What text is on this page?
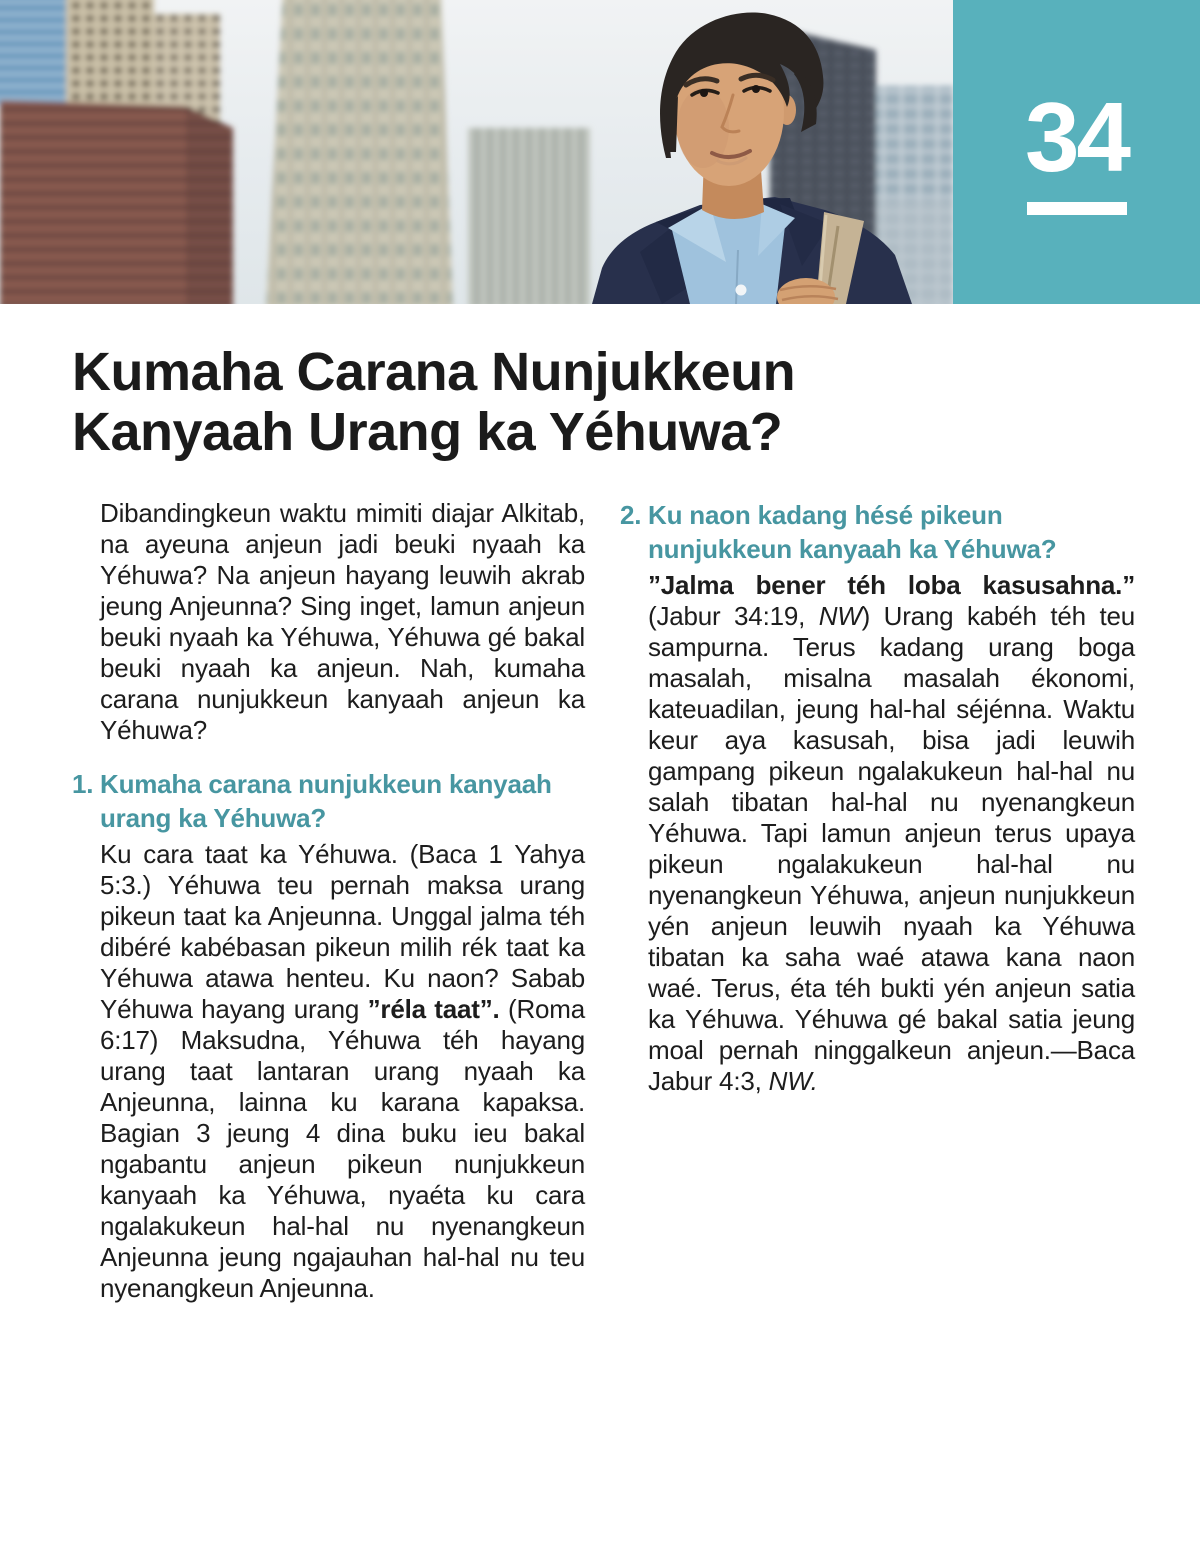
34
Kumaha Carana Nunjukkeun
Kanyaah Urang ka Yéhuwa?

Dibandingkeun waktu mimiti diajar Alkitab, na ayeuna anjeun jadi beuki nyaah ka Yéhuwa? Na anjeun hayang leuwih akrab jeung Anjeunna? Sing inget, lamun anjeun beuki nyaah ka Yéhuwa, Yéhuwa gé bakal beuki nyaah ka anjeun. Nah, kumaha carana nunjukkeun kanyaah anjeun ka Yéhuwa?

1. Kumaha carana nunjukkeun kanyaah urang ka Yéhuwa?

Ku cara taat ka Yéhuwa. (Baca 1 Yahya 5:3.) Yéhuwa teu pernah maksa urang pikeun taat ka Anjeunna. Unggal jalma téh dibéré kabébasan pikeun milih rék taat ka Yéhuwa atawa henteu. Ku naon? Sabab Yéhuwa hayang urang ”réla taat”. (Roma 6:17) Maksudna, Yéhuwa téh hayang urang taat lantaran urang nyaah ka Anjeunna, lainna ku karana kapaksa. Bagian 3 jeung 4 dina buku ieu bakal ngabantu anjeun pikeun nunjukkeun kanyaah ka Yéhuwa, nyaéta ku cara ngalakukeun hal-hal nu nyenangkeun Anjeunna jeung ngajauhan hal-hal nu teu nyenangkeun Anjeunna.

2. Ku naon kadang hésé pikeun nunjukkeun kanyaah ka Yéhuwa?

”Jalma bener téh loba kasusahna.” (Jabur 34:19, NW) Urang kabéh téh teu sampurna. Terus kadang urang boga masalah, misalna masalah ékonomi, kateuadilan, jeung hal-hal séjénna. Waktu keur aya kasusah, bisa jadi leuwih gampang pikeun ngalakukeun hal-hal nu salah tibatan hal-hal nu nyenangkeun Yéhuwa. Tapi lamun anjeun terus upaya pikeun ngalakukeun hal-hal nu nyenangkeun Yéhuwa, anjeun nunjukkeun yén anjeun leuwih nyaah ka Yéhuwa tibatan ka saha waé atawa kana naon waé. Terus, éta téh bukti yén anjeun satia ka Yéhuwa. Yéhuwa gé bakal satia jeung moal pernah ninggalkeun anjeun.—Baca Jabur 4:3, NW.
